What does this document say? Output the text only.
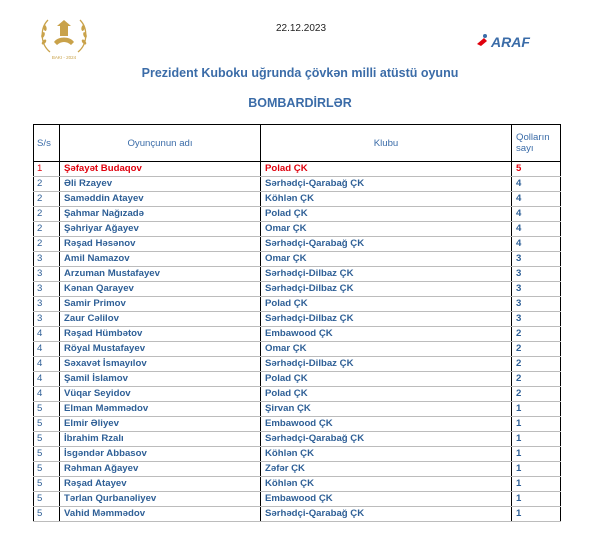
BAKI - 2024
22.12.2023
ARAF
Prezident Kuboku uğrunda çövkən milli atüstü oyunu
BOMBARDİRLƏR
S/s	Oyunçunun adı	Klubu	Qolların sayı
1	Şəfayət Budaqov	Polad ÇK	5
2	Əli Rzayev	Sərhədçi-Qarabağ ÇK	4
2	Saməddin Atayev	Köhlən ÇK	4
2	Şahmar Nağızadə	Polad ÇK	4
2	Şəhriyar Ağayev	Omar ÇK	4
2	Rəşad Həsənov	Sərhədçi-Qarabağ ÇK	4
3	Amil Namazov	Omar ÇK	3
3	Arzuman Mustafayev	Sərhədçi-Dilbaz ÇK	3
3	Kənan Qarayev	Sərhədçi-Dilbaz ÇK	3
3	Samir Primov	Polad ÇK	3
3	Zaur Cəlilov	Sərhədçi-Dilbaz ÇK	3
4	Rəşad Hümbətov	Embawood ÇK	2
4	Röyal Mustafayev	Omar ÇK	2
4	Səxavət İsmayılov	Sərhədçi-Dilbaz ÇK	2
4	Şamil İslamov	Polad ÇK	2
4	Vüqar Seyidov	Polad ÇK	2
5	Elman Məmmədov	Şirvan ÇK	1
5	Elmir Əliyev	Embawood ÇK	1
5	İbrahim Rzalı	Sərhədçi-Qarabağ ÇK	1
5	İsgəndər Abbasov	Köhlən ÇK	1
5	Rəhman Ağayev	Zəfər ÇK	1
5	Rəşad Atayev	Köhlən ÇK	1
5	Tərlan Qurbanəliyev	Embawood ÇK	1
5	Vahid Məmmədov	Sərhədçi-Qarabağ ÇK	1
